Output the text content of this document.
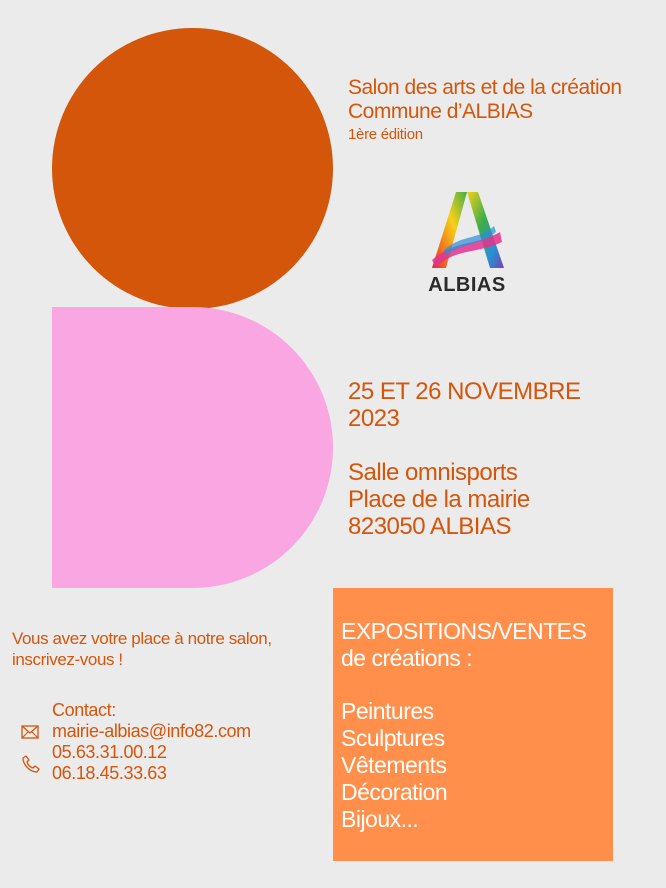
Salon des arts et de la création
Commune d’ALBIAS
1ère édition
ALBIAS
25 ET 26 NOVEMBRE
2023
Salle omnisports
Place de la mairie
823050 ALBIAS
Vous avez votre place à notre salon,
inscrivez-vous !
Contact:
mairie-albias@info82.com
05.63.31.00.12
06.18.45.33.63
EXPOSITIONS/VENTES
de créations :
Peintures
Sculptures
Vêtements
Décoration
Bijoux...
